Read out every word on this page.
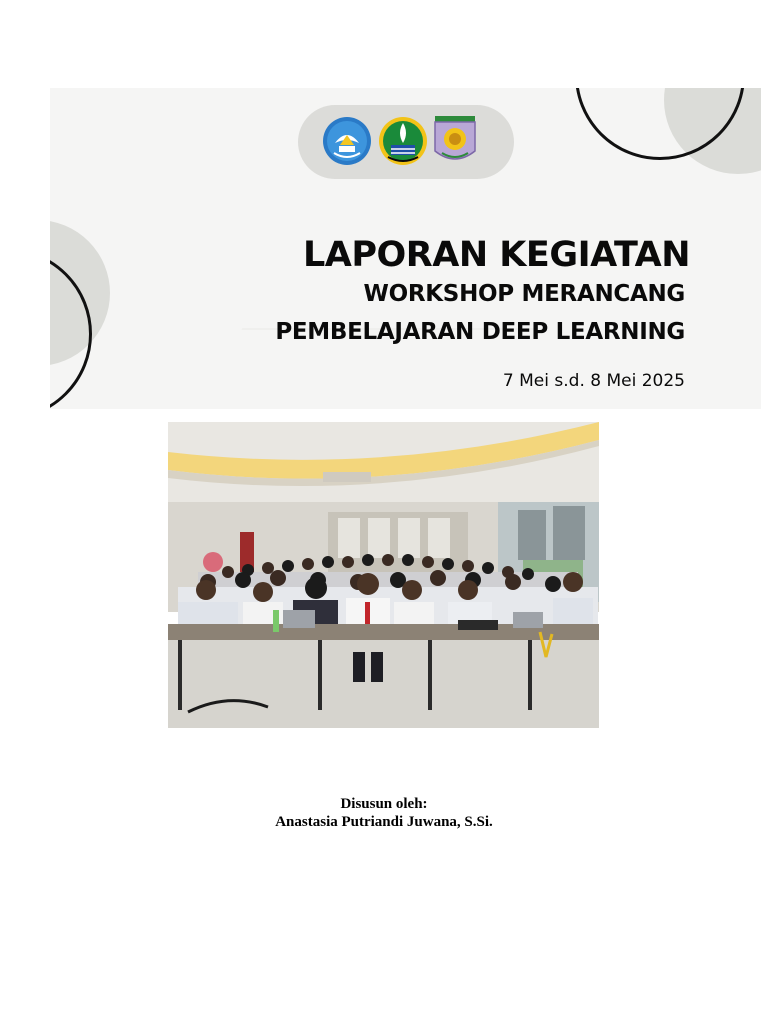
LAPORAN KEGIATAN
WORKSHOP MERANCANG
PEMBELAJARAN DEEP LEARNING
7 Mei s.d. 8 Mei 2025
Disusun oleh:
Anastasia Putriandi Juwana, S.Si.
